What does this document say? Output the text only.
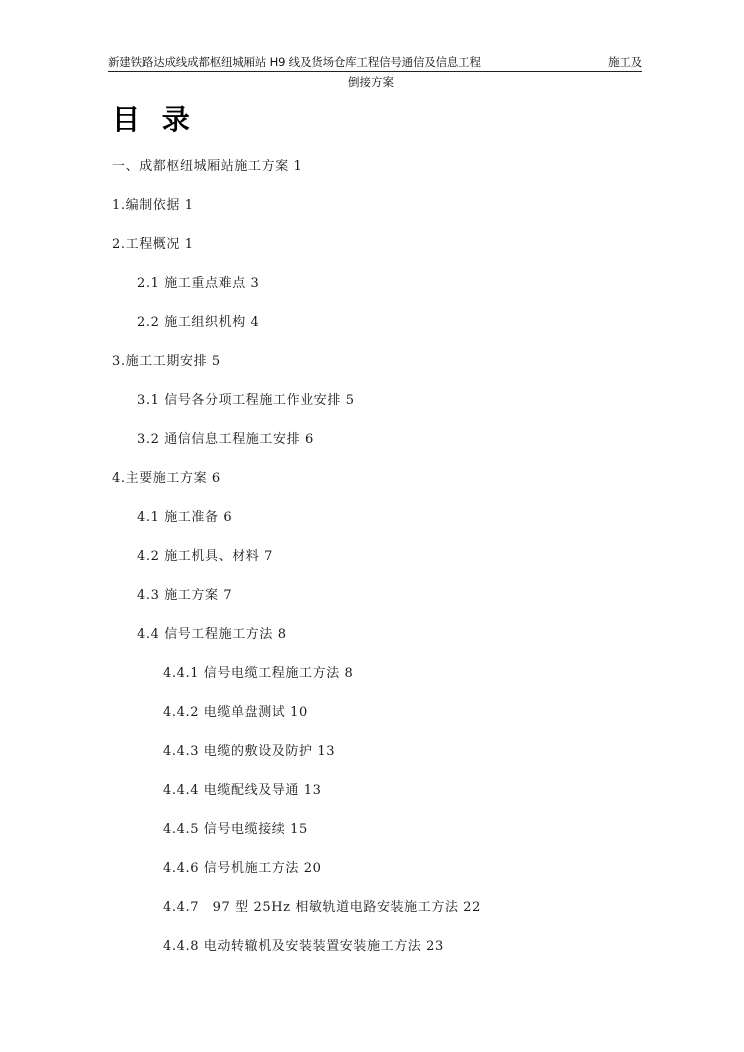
新建铁路达成线成都枢纽城厢站 H9 线及货场仓库工程信号通信及信息工程	施工及
倒接方案
目 录
一、成都枢纽城厢站施工方案 1
1.编制依据 1
2.工程概况 1
2.1 施工重点难点 3
2.2 施工组织机构 4
3.施工工期安排 5
3.1 信号各分项工程施工作业安排 5
3.2 通信信息工程施工安排 6
4.主要施工方案 6
4.1 施工准备 6
4.2 施工机具、材料 7
4.3 施工方案 7
4.4 信号工程施工方法 8
4.4.1 信号电缆工程施工方法 8
4.4.2 电缆单盘测试 10
4.4.3 电缆的敷设及防护 13
4.4.4 电缆配线及导通 13
4.4.5 信号电缆接续 15
4.4.6 信号机施工方法 20
4.4.7　97 型 25Hz 相敏轨道电路安装施工方法 22
4.4.8 电动转辙机及安装装置安装施工方法 23
